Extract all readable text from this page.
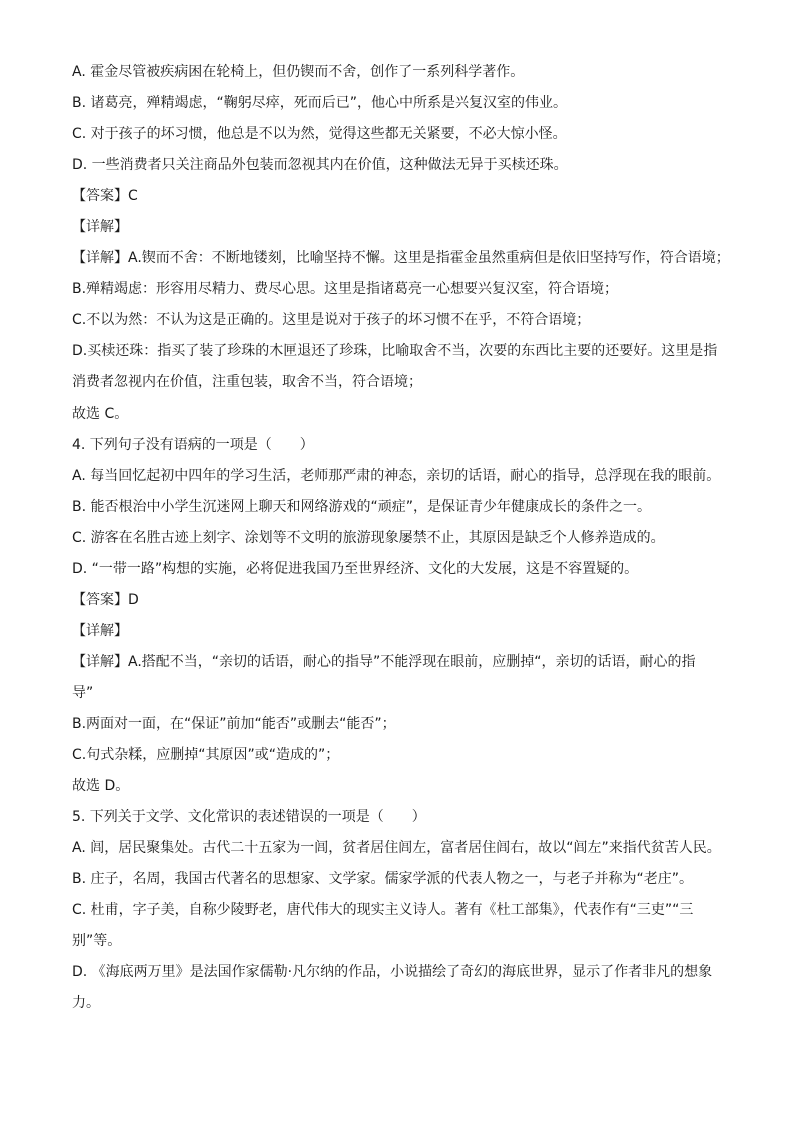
A. 霍金尽管被疾病困在轮椅上，但仍锲而不舍，创作了一系列科学著作。
B. 诸葛亮，殚精竭虑，“鞠躬尽瘁，死而后已”，他心中所系是兴复汉室的伟业。
C. 对于孩子的坏习惯，他总是不以为然，觉得这些都无关紧要，不必大惊小怪。
D. 一些消费者只关注商品外包装而忽视其内在价值，这种做法无异于买椟还珠。
【答案】C
【详解】
【详解】A.锲而不舍：不断地镂刻，比喻坚持不懈。这里是指霍金虽然重病但是依旧坚持写作，符合语境；
B.殚精竭虑：形容用尽精力、费尽心思。这里是指诸葛亮一心想要兴复汉室，符合语境；
C.不以为然：不认为这是正确的。这里是说对于孩子的坏习惯不在乎，不符合语境；
D.买椟还珠：指买了装了珍珠的木匣退还了珍珠，比喻取舍不当，次要的东西比主要的还要好。这里是指
消费者忽视内在价值，注重包装，取舍不当，符合语境；
故选 C。
4. 下列句子没有语病的一项是（　　）
A. 每当回忆起初中四年的学习生活，老师那严肃的神态，亲切的话语，耐心的指导，总浮现在我的眼前。
B. 能否根治中小学生沉迷网上聊天和网络游戏的“顽症”，是保证青少年健康成长的条件之一。
C. 游客在名胜古迹上刻字、涂划等不文明的旅游现象屡禁不止，其原因是缺乏个人修养造成的。
D. “一带一路”构想的实施，必将促进我国乃至世界经济、文化的大发展，这是不容置疑的。
【答案】D
【详解】
【详解】A.搭配不当，“亲切的话语，耐心的指导”不能浮现在眼前，应删掉“，亲切的话语，耐心的指
导”
B.两面对一面，在“保证”前加“能否”或删去“能否”；
C.句式杂糅，应删掉“其原因”或“造成的”；
故选 D。
5. 下列关于文学、文化常识的表述错误的一项是（　　）
A. 闾，居民聚集处。古代二十五家为一闾，贫者居住闾左，富者居住闾右，故以“闾左”来指代贫苦人民。
B. 庄子，名周，我国古代著名的思想家、文学家。儒家学派的代表人物之一，与老子并称为“老庄”。
C. 杜甫，字子美，自称少陵野老，唐代伟大的现实主义诗人。著有《杜工部集》，代表作有“三吏”“三
别”等。
D. 《海底两万里》是法国作家儒勒·凡尔纳的作品，小说描绘了奇幻的海底世界，显示了作者非凡的想象
力。
